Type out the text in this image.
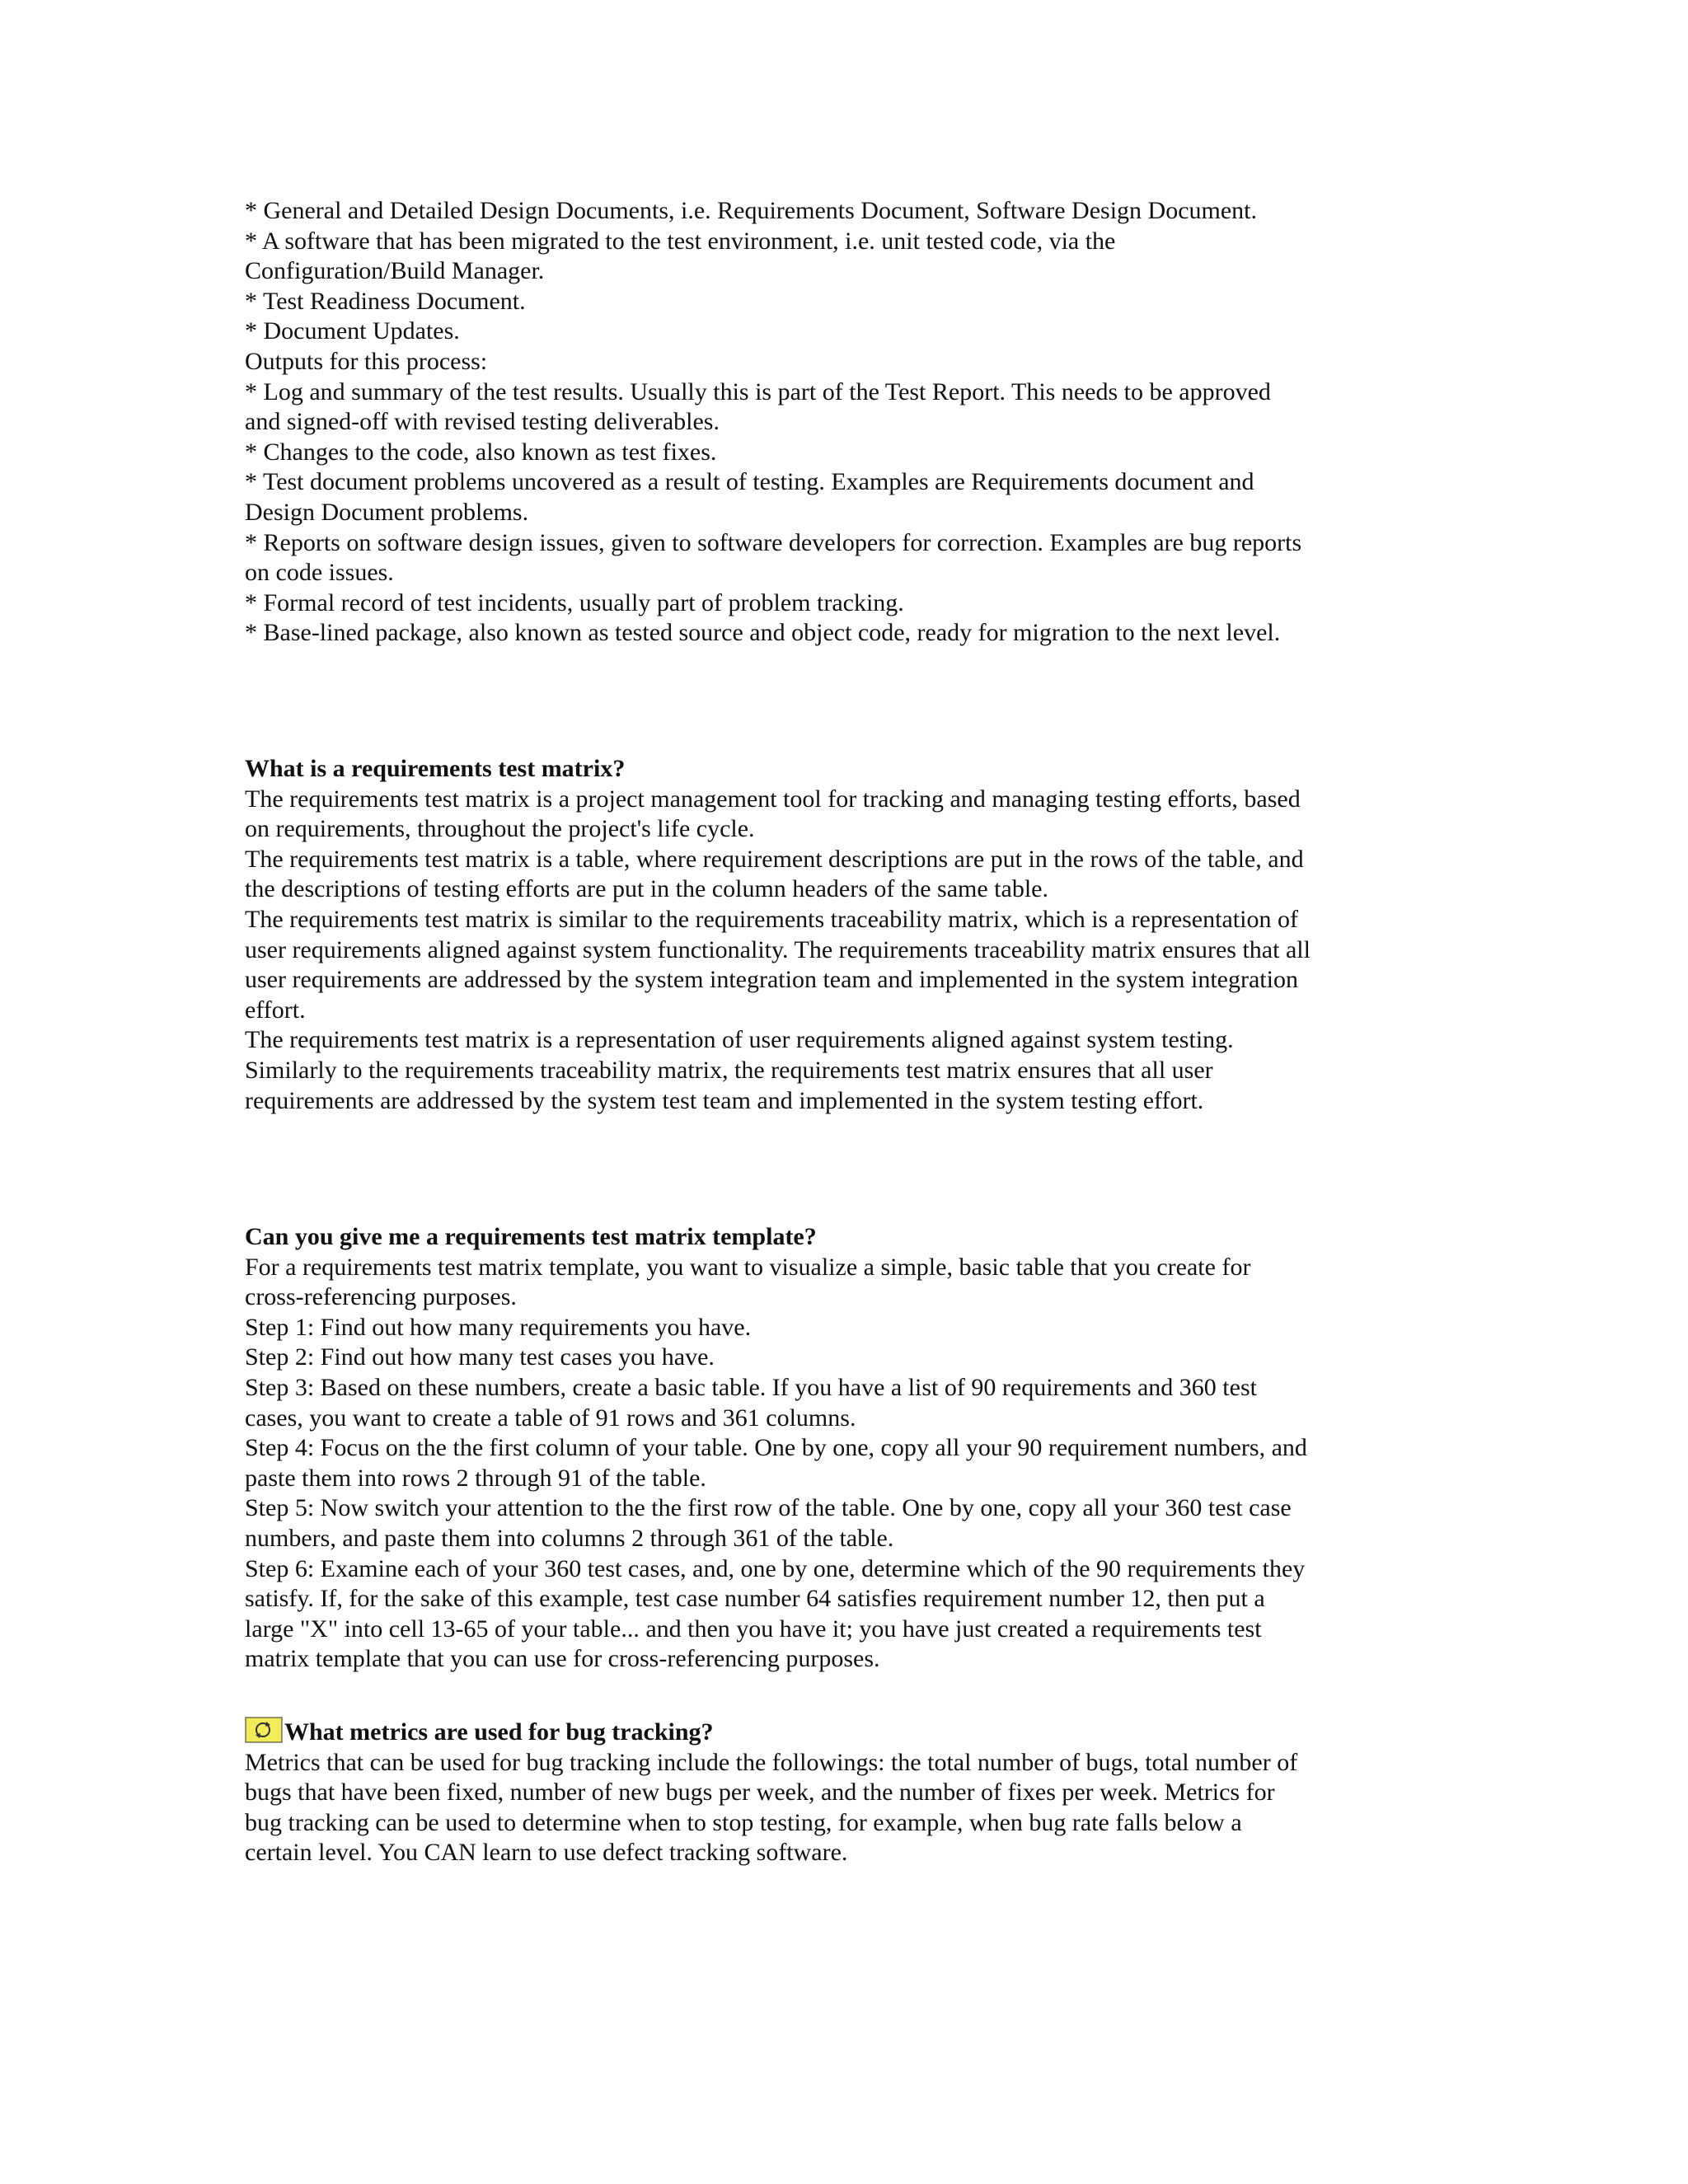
* General and Detailed Design Documents, i.e. Requirements Document, Software Design Document.
* A software that has been migrated to the test environment, i.e. unit tested code, via the
Configuration/Build Manager.
* Test Readiness Document.
* Document Updates.
Outputs for this process:
* Log and summary of the test results. Usually this is part of the Test Report. This needs to be approved
and signed-off with revised testing deliverables.
* Changes to the code, also known as test fixes.
* Test document problems uncovered as a result of testing. Examples are Requirements document and
Design Document problems.
* Reports on software design issues, given to software developers for correction. Examples are bug reports
on code issues.
* Formal record of test incidents, usually part of problem tracking.
* Base-lined package, also known as tested source and object code, ready for migration to the next level.
What is a requirements test matrix?
The requirements test matrix is a project management tool for tracking and managing testing efforts, based
on requirements, throughout the project's life cycle.
The requirements test matrix is a table, where requirement descriptions are put in the rows of the table, and
the descriptions of testing efforts are put in the column headers of the same table.
The requirements test matrix is similar to the requirements traceability matrix, which is a representation of
user requirements aligned against system functionality. The requirements traceability matrix ensures that all
user requirements are addressed by the system integration team and implemented in the system integration
effort.
The requirements test matrix is a representation of user requirements aligned against system testing.
Similarly to the requirements traceability matrix, the requirements test matrix ensures that all user
requirements are addressed by the system test team and implemented in the system testing effort.
Can you give me a requirements test matrix template?
For a requirements test matrix template, you want to visualize a simple, basic table that you create for
cross-referencing purposes.
Step 1: Find out how many requirements you have.
Step 2: Find out how many test cases you have.
Step 3: Based on these numbers, create a basic table. If you have a list of 90 requirements and 360 test
cases, you want to create a table of 91 rows and 361 columns.
Step 4: Focus on the the first column of your table. One by one, copy all your 90 requirement numbers, and
paste them into rows 2 through 91 of the table.
Step 5: Now switch your attention to the the first row of the table. One by one, copy all your 360 test case
numbers, and paste them into columns 2 through 361 of the table.
Step 6: Examine each of your 360 test cases, and, one by one, determine which of the 90 requirements they
satisfy. If, for the sake of this example, test case number 64 satisfies requirement number 12, then put a
large "X" into cell 13-65 of your table... and then you have it; you have just created a requirements test
matrix template that you can use for cross-referencing purposes.
What metrics are used for bug tracking?
Metrics that can be used for bug tracking include the followings: the total number of bugs, total number of
bugs that have been fixed, number of new bugs per week, and the number of fixes per week. Metrics for
bug tracking can be used to determine when to stop testing, for example, when bug rate falls below a
certain level. You CAN learn to use defect tracking software.
